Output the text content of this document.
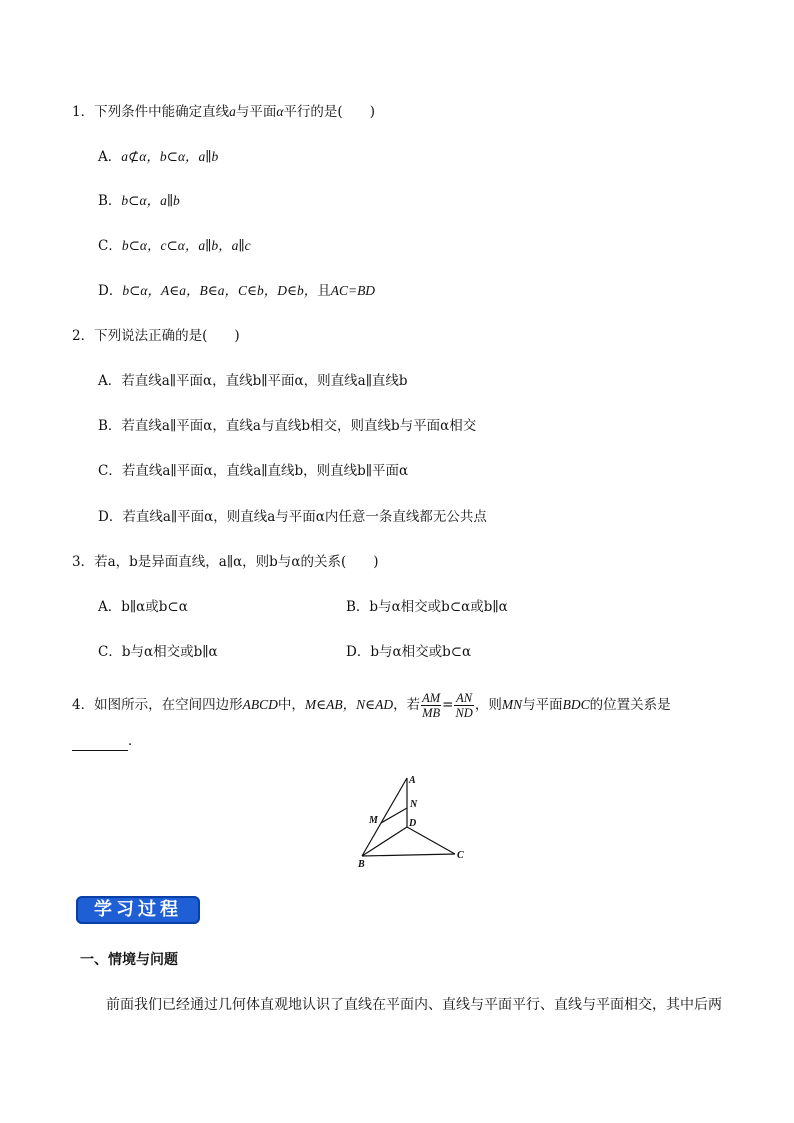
1．下列条件中能确定直线a与平面α平行的是(　　)
A．a⊄α，b⊂α，a∥b
B．b⊂α，a∥b
C．b⊂α，c⊂α，a∥b，a∥c
D．b⊂α，A∈a，B∈a，C∈b，D∈b，且AC=BD
2．下列说法正确的是(　　)
A．若直线a∥平面α，直线b∥平面α，则直线a∥直线b
B．若直线a∥平面α，直线a与直线b相交，则直线b与平面α相交
C．若直线a∥平面α，直线a∥直线b，则直线b∥平面α
D．若直线a∥平面α，则直线a与平面α内任意一条直线都无公共点
3．若a，b是异面直线，a∥α，则b与α的关系(　　)
A．b∥α或b⊂α	B．b与α相交或b⊂α或b∥α
C．b与α相交或b∥α	D．b与α相交或b⊂α
4．如图所示，在空间四边形ABCD中，M∈AB，N∈AD，若 $\frac{AM}{MB} = \frac{AN}{ND}$ ，则MN与平面BDC的位置关系是
．
A
N
M	D
B
C
学习过程
一、情境与问题
前面我们已经通过几何体直观地认识了直线在平面内、直线与平面平行、直线与平面相交，其中后两
